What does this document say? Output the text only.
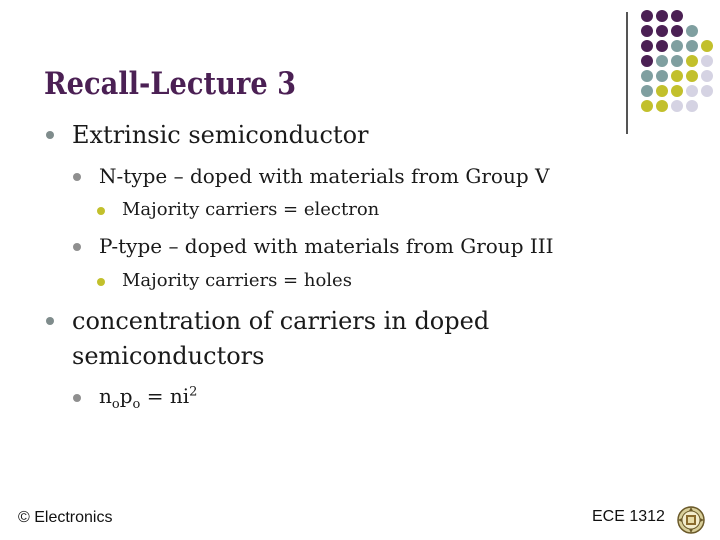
Recall-Lecture 3
Extrinsic semiconductor
N-type – doped with materials from Group V
Majority carriers = electron
P-type – doped with materials from Group III
Majority carriers = holes
concentration of carriers in doped
semiconductors
$n_op_o = ni^2$
© Electronics	ECE 1312
